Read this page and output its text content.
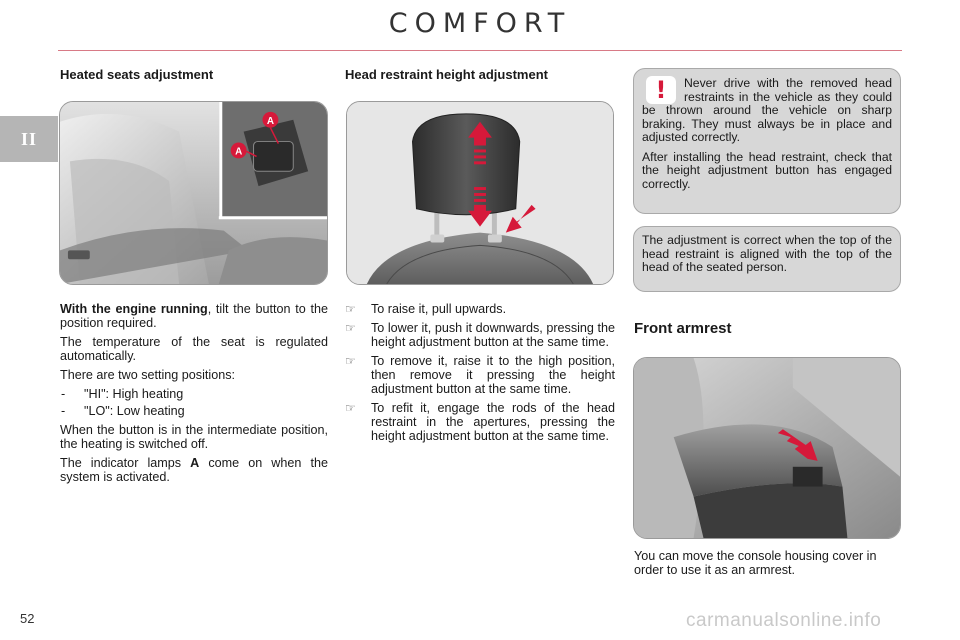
COMFORT
II
Heated seats adjustment
A
A

With the engine running, tilt the button to the position required.

The temperature of the seat is regulated automatically.

There are two setting positions:

-	"HI": High heating
-	"LO": Low heating

When the button is in the intermediate position, the heating is switched off.

The indicator lamps A come on when the system is activated.

Head restraint height adjustment
☞	To raise it, pull upwards.
☞	To lower it, push it downwards, pressing the height adjustment button at the same time.
☞	To remove it, raise it to the high position, then remove it pressing the height adjustment button at the same time.
☞	To refit it, engage the rods of the head restraint in the apertures, pressing the height adjustment button at the same time.
!	Never drive with the removed head restraints in the vehicle as they could be thrown around the vehicle on sharp braking. They must always be in place and adjusted correctly.

After installing the head restraint, check that the height adjustment button has engaged correctly.

The adjustment is correct when the top of the head restraint is aligned with the top of the head of the seated person.
Front armrest
You can move the console housing cover in order to use it as an armrest.
52	carmanualsonline.info
